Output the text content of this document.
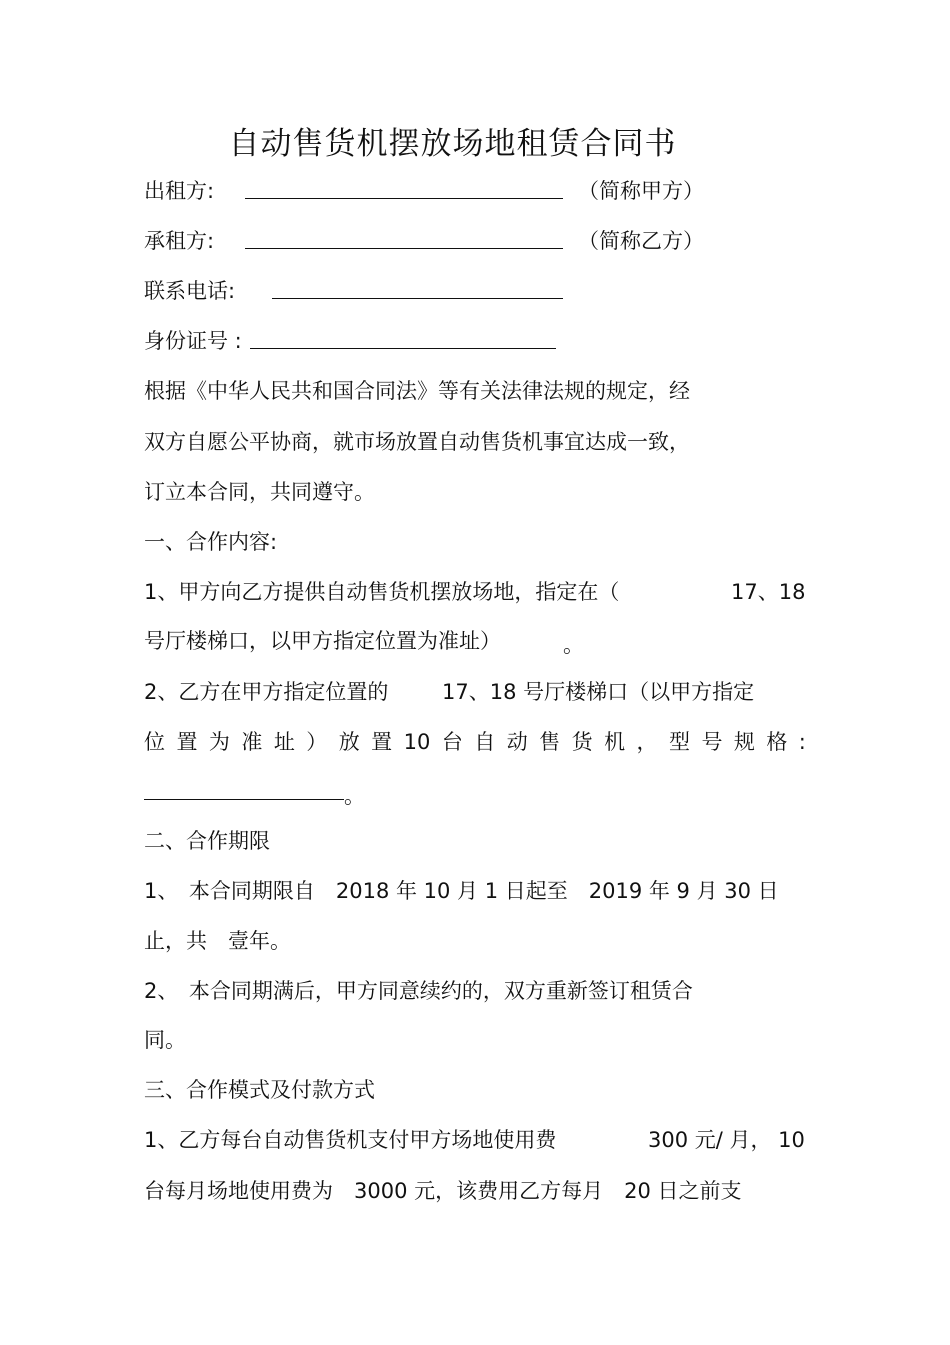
自动售货机摆放场地租赁合同书
出租方:	（简称甲方）
承租方:	（简称乙方）
联系电话:
身份证号 :
根据《中华人民共和国合同法》等有关法律法规的规定，经
双方自愿公平协商，就市场放置自动售货机事宜达成一致，
订立本合同，共同遵守。
一、合作内容:
1、甲方向乙方提供自动售货机摆放场地，指定在（	17、18
号厅楼梯口，以甲方指定位置为准址）	。
2、乙方在甲方指定位置的	17、18 号厅楼梯口（以甲方指定
位 置 为 准 址 ） 放 置 10 台 自 动 售 货 机 ， 型 号 规 格 :
。
二、合作期限
1、　本合同期限自　2018 年 10 月 1 日起至　2019 年 9 月 30 日
止，共　壹年。
2、　本合同期满后，甲方同意续约的，双方重新签订租赁合
同。
三、合作模式及付款方式
1、乙方每台自动售货机支付甲方场地使用费	300 元/ 月， 10
台每月场地使用费为　3000 元，该费用乙方每月　20 日之前支
